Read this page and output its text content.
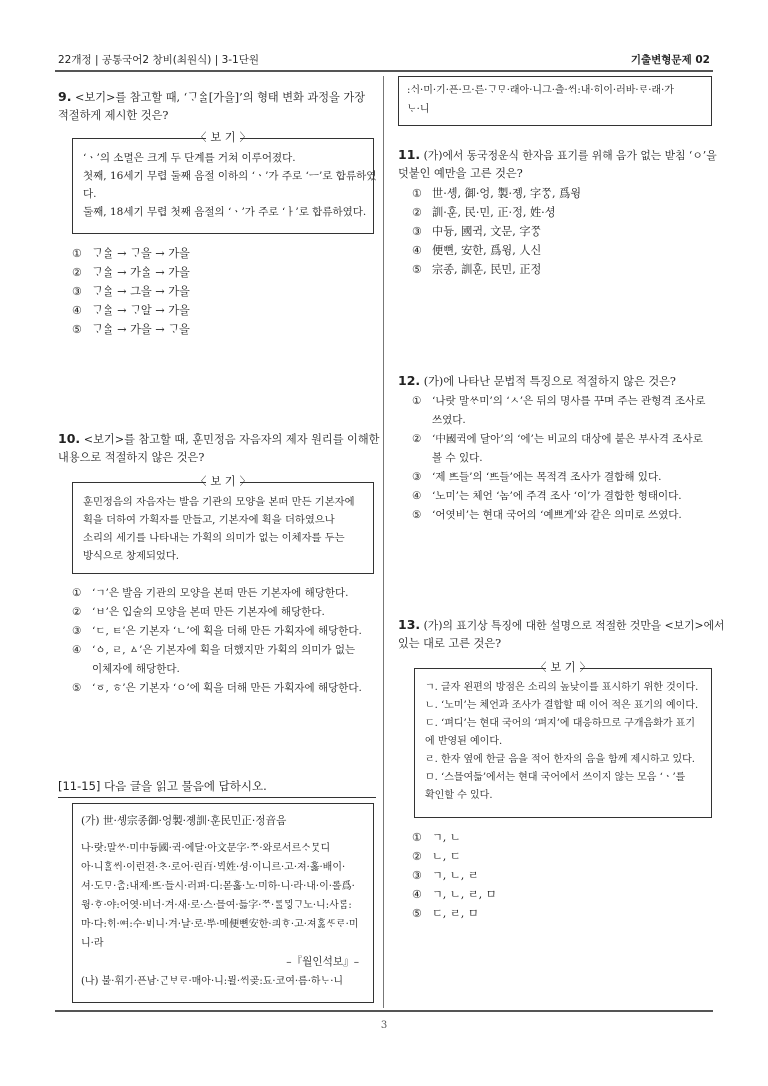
22개정 | 공통국어2 창비(최원식) | 3-1단원	기출변형문제 02
9. <보기>를 참고할 때, ‘ᄀᆞᅀᆞᆯ[가을]’의 형태 변화 과정을 가장
적절하게 제시한 것은?
〈 보 기 〉
‘ㆍ’의 소멸은 크게 두 단계를 거쳐 이루어졌다.
첫째, 16세기 무렵 둘째 음절 이하의 ‘ㆍ’가 주로 ‘ㅡ’로 합류하였
다.
둘째, 18세기 무렵 첫째 음절의 ‘ㆍ’가 주로 ‘ㅏ’로 합류하였다.
① ᄀᆞᅀᆞᆯ → ᄀᆞ을 → 가을
② ᄀᆞᅀᆞᆯ → 가ᅀᆞᆯ → 가을
③ ᄀᆞᅀᆞᆯ → 그을 → 가을
④ ᄀᆞᅀᆞᆯ → ᄀᆞ알 → 가을
⑤ ᄀᆞᅀᆞᆯ → 가을 → ᄀᆞ을
10. <보기>를 참고할 때, 훈민정음 자음자의 제자 원리를 이해한
내용으로 적절하지 않은 것은?
〈 보 기 〉
훈민정음의 자음자는 발음 기관의 모양을 본떠 만든 기본자에
획을 더하여 가획자를 만들고, 기본자에 획을 더하였으나
소리의 세기를 나타내는 가획의 의미가 없는 이체자를 두는
방식으로 창제되었다.
① ‘ㄱ’은 발음 기관의 모양을 본떠 만든 기본자에 해당한다.
② ‘ㅂ’은 입술의 모양을 본떠 만든 기본자에 해당한다.
③ ‘ㄷ, ㅌ’은 기본자 ‘ㄴ’에 획을 더해 만든 가획자에 해당한다.
④ ‘ㆁ, ㄹ, ㅿ’은 기본자에 획을 더했지만 가획의 의미가 없는
이체자에 해당한다.
⑤ ‘ㆆ, ㅎ’은 기본자 ‘ㅇ’에 획을 더해 만든 가획자에 해당한다.
[11-15] 다음 글을 읽고 물음에 답하시오.
(가) 世·솅宗종御·엉製·졩訓·훈民민正·정音음
나·랏:말ᄊᆞ·미中듕國·귁·에달·아文문字·ᄍᆞ·와로서르ᄉᆞᄆᆞᆺ디
아·니ᄒᆞᆯᄊᆡ·이런젼·ᄎᆞ·로어·린百·ᄇᆡᆨ姓·셩·이니르·고·져·홇·배이·
셔·도ᄆᆞ·ᄎᆞᆷ:내제·ᄠᅳ·들시·러펴·디:몯홇·노·미하·니·라·내·이·롤爲·
윙·ᄒᆞ·야:어엿·비너·겨·새·로·스·믈여·듧字·ᄍᆞ·ᄅᆞᆯᄆᆡᇰᄀᆞ노·니:사ᄅᆞᆷ:
마·다:ᄒᆡ·ᅇᅧ:수·ᄫᅵ니·겨·날·로·ᄡᅮ·메便뼌安한·킈ᄒᆞ·고·져ᄒᆞᇙᄯᆞᄅᆞ·미
니·라
–『월인석보』–
(나) 불·휘기·픈남·ᄀᆞᆫᄇᆞᄅᆞ·매아·니:뮐·ᄊᆡ곶:됴·코여·름·하ᄂᆞ·니
:ᄉᆡ·미·기·픈·므·른·ᄀᆞᄆᆞ·래아·니그·츨·ᄊᆡ:내·히이·러바·ᄅᆞ·래·가
ᄂᆞ·니
11. (가)에서 동국정운식 한자음 표기를 위해 음가 없는 받침 ‘ㅇ’을
덧붙인 예만을 고른 것은?
① 世·솅, 御·엉, 製·졩, 字ᄍᆞᆼ, 爲윙
② 訓·훈, 民·민, 正·정, 姓·셩
③ 中듕, 國귁, 文문, 字ᄍᆞᆼ
④ 便뼌, 安한, 爲윙, 人신
⑤ 宗종, 訓훈, 民민, 正정
12. (가)에 나타난 문법적 특징으로 적절하지 않은 것은?
① ‘나랏 말ᄊᆞ미’의 ‘ㅅ’은 뒤의 명사를 꾸며 주는 관형격 조사로
쓰였다.
② ‘中國귁에 달아’의 ‘에’는 비교의 대상에 붙은 부사격 조사로
볼 수 있다.
③ ‘제 ᄠᅳ들’의 ‘ᄠᅳ들’에는 목적격 조사가 결합해 있다.
④ ‘노미’는 체언 ‘놈’에 주격 조사 ‘이’가 결합한 형태이다.
⑤ ‘어엿비’는 현대 국어의 ‘예쁘게’와 같은 의미로 쓰였다.
13. (가)의 표기상 특징에 대한 설명으로 적절한 것만을 <보기>에서
있는 대로 고른 것은?
〈 보 기 〉
ㄱ. 글자 왼편의 방점은 소리의 높낮이를 표시하기 위한 것이다.
ㄴ. ‘노미’는 체언과 조사가 결합할 때 이어 적은 표기의 예이다.
ㄷ. ‘펴디’는 현대 국어의 ‘펴지’에 대응하므로 구개음화가 표기
에 반영된 예이다.
ㄹ. 한자 옆에 한글 음을 적어 한자의 음을 함께 제시하고 있다.
ㅁ. ‘스믈여듧’에서는 현대 국어에서 쓰이지 않는 모음 ‘ㆍ’를
확인할 수 있다.
① ㄱ, ㄴ
② ㄴ, ㄷ
③ ㄱ, ㄴ, ㄹ
④ ㄱ, ㄴ, ㄹ, ㅁ
⑤ ㄷ, ㄹ, ㅁ
3
